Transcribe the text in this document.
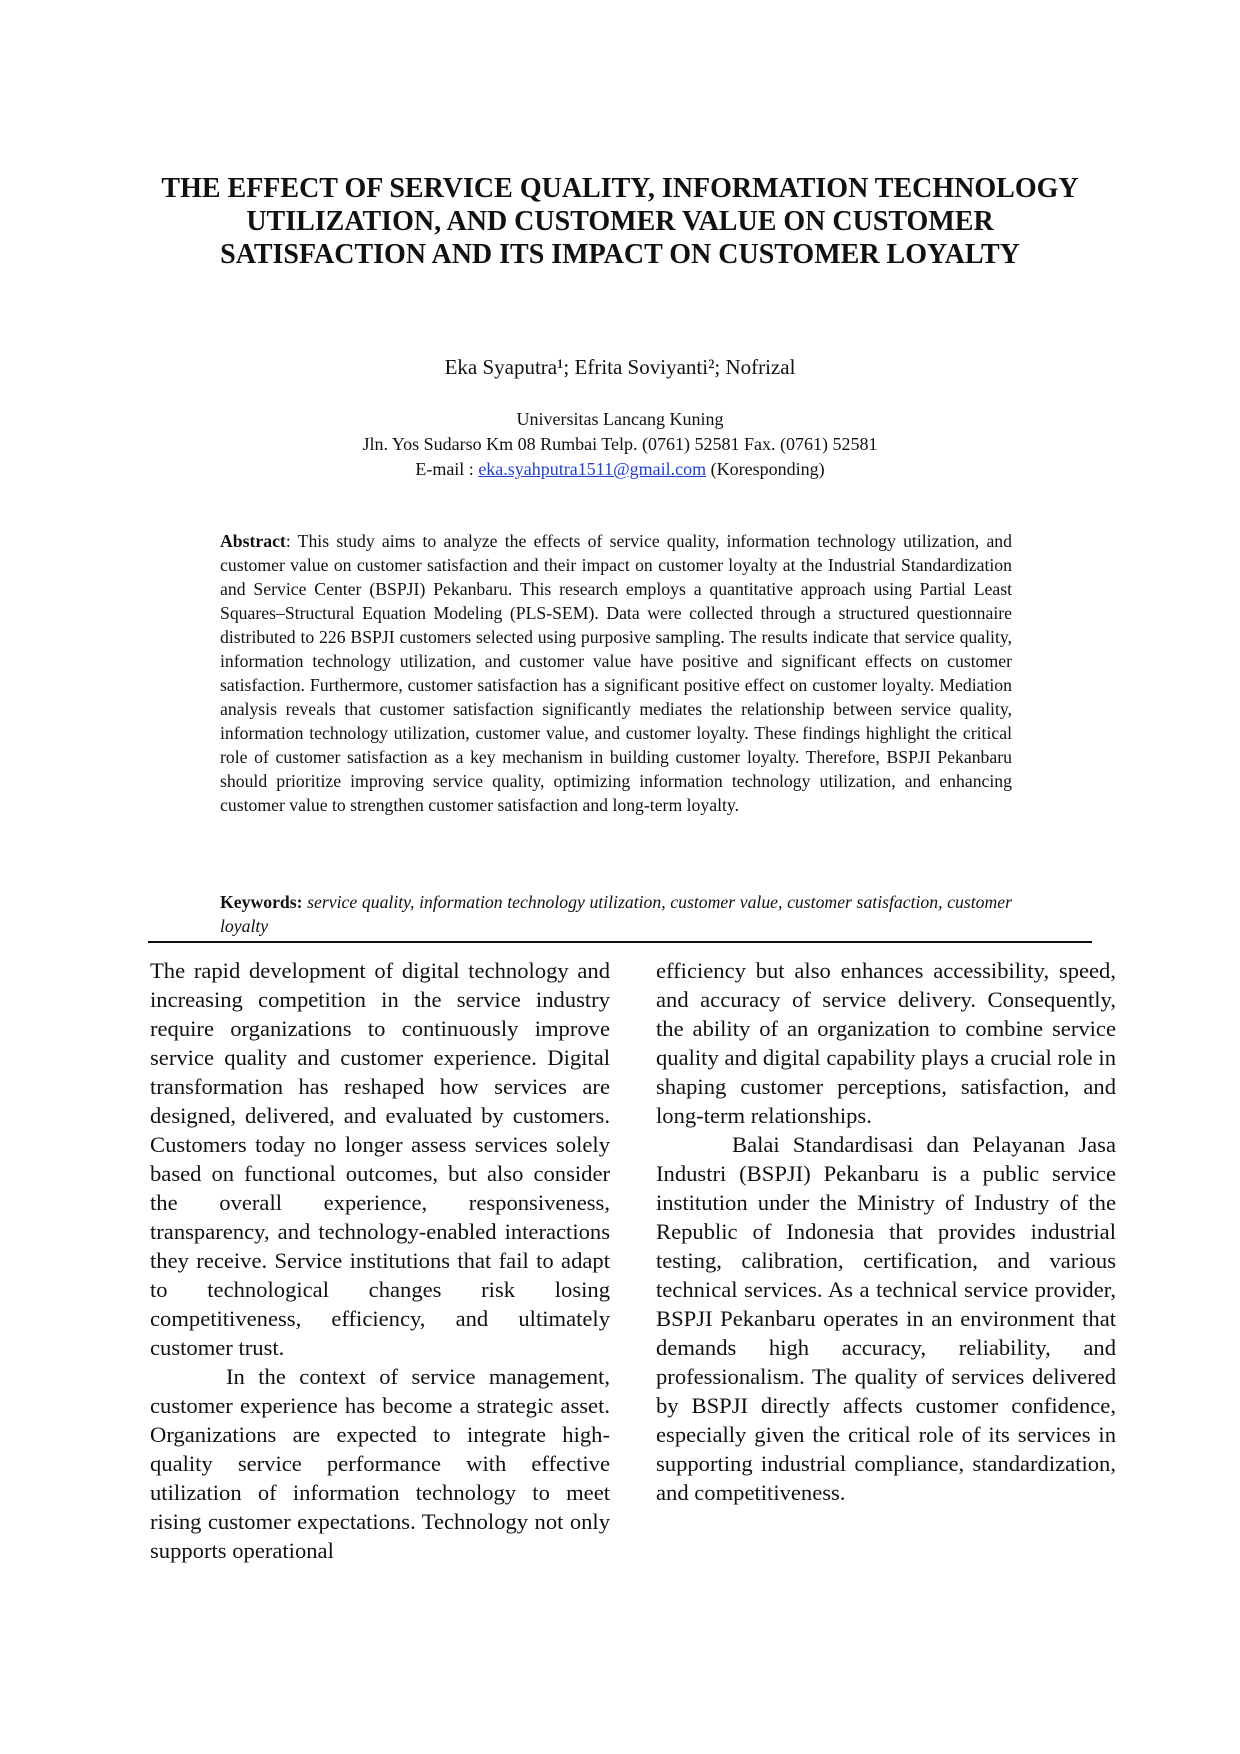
THE EFFECT OF SERVICE QUALITY, INFORMATION TECHNOLOGY UTILIZATION, AND CUSTOMER VALUE ON CUSTOMER SATISFACTION AND ITS IMPACT ON CUSTOMER LOYALTY
Eka Syaputra¹; Efrita Soviyanti²; Nofrizal
Universitas Lancang Kuning
Jln. Yos Sudarso Km 08 Rumbai Telp. (0761) 52581 Fax. (0761) 52581
E-mail : eka.syahputra1511@gmail.com (Koresponding)
Abstract: This study aims to analyze the effects of service quality, information technology utilization, and customer value on customer satisfaction and their impact on customer loyalty at the Industrial Standardization and Service Center (BSPJI) Pekanbaru. This research employs a quantitative approach using Partial Least Squares–Structural Equation Modeling (PLS-SEM). Data were collected through a structured questionnaire distributed to 226 BSPJI customers selected using purposive sampling. The results indicate that service quality, information technology utilization, and customer value have positive and significant effects on customer satisfaction. Furthermore, customer satisfaction has a significant positive effect on customer loyalty. Mediation analysis reveals that customer satisfaction significantly mediates the relationship between service quality, information technology utilization, customer value, and customer loyalty. These findings highlight the critical role of customer satisfaction as a key mechanism in building customer loyalty. Therefore, BSPJI Pekanbaru should prioritize improving service quality, optimizing information technology utilization, and enhancing customer value to strengthen customer satisfaction and long-term loyalty.
Keywords: service quality, information technology utilization, customer value, customer satisfaction, customer loyalty

The rapid development of digital technology and increasing competition in the service industry require organizations to continuously improve service quality and customer experience. Digital transformation has reshaped how services are designed, delivered, and evaluated by customers. Customers today no longer assess services solely based on functional outcomes, but also consider the overall experience, responsiveness, transparency, and technology-enabled interactions they receive. Service institutions that fail to adapt to technological changes risk losing competitiveness, efficiency, and ultimately customer trust.

In the context of service management, customer experience has become a strategic asset. Organizations are expected to integrate high-quality service performance with effective utilization of information technology to meet rising customer expectations. Technology not only supports operational

efficiency but also enhances accessibility, speed, and accuracy of service delivery. Consequently, the ability of an organization to combine service quality and digital capability plays a crucial role in shaping customer perceptions, satisfaction, and long-term relationships.

Balai Standardisasi dan Pelayanan Jasa Industri (BSPJI) Pekanbaru is a public service institution under the Ministry of Industry of the Republic of Indonesia that provides industrial testing, calibration, certification, and various technical services. As a technical service provider, BSPJI Pekanbaru operates in an environment that demands high accuracy, reliability, and professionalism. The quality of services delivered by BSPJI directly affects customer confidence, especially given the critical role of its services in supporting industrial compliance, standardization, and competitiveness.
